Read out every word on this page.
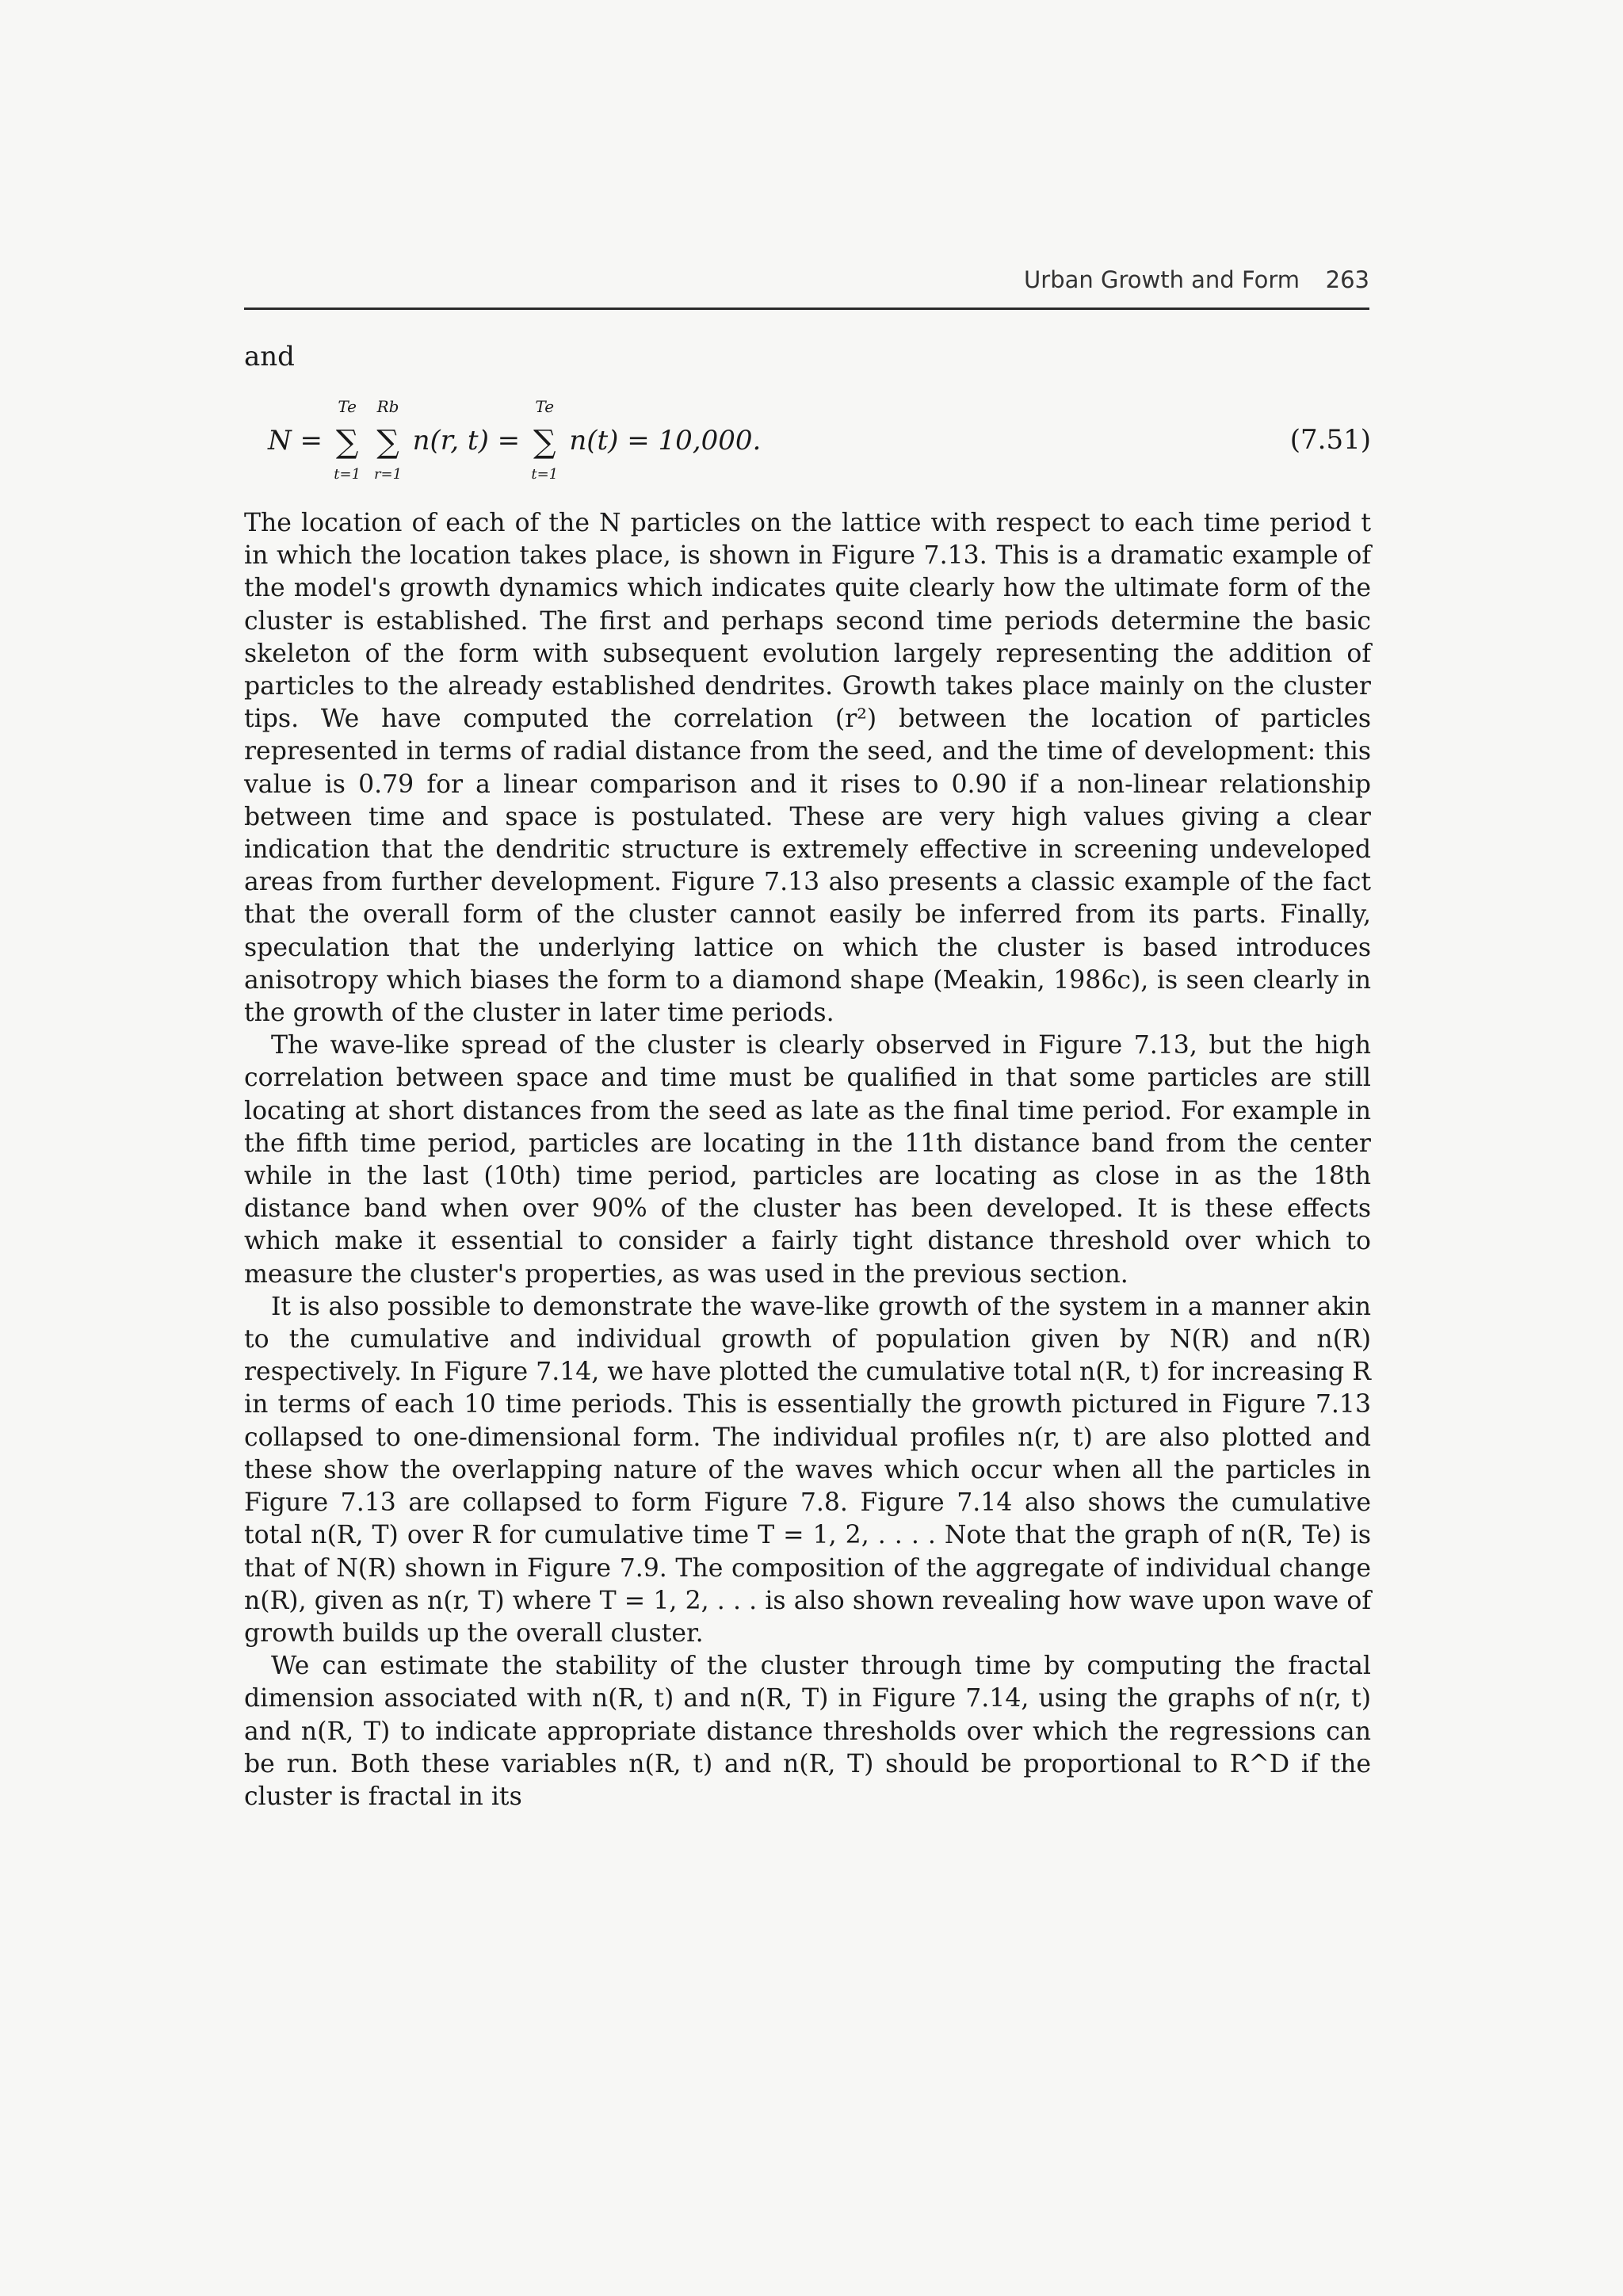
Urban Growth and Form 263
and
N = ∑
Te
t=1
∑
Rb
r=1
n(r, t) = ∑
Te
t=1
n(t) = 10,000.	(7.51)

The location of each of the N particles on the lattice with respect to each time period t in which the location takes place, is shown in Figure 7.13. This is a dramatic example of the model's growth dynamics which indicates quite clearly how the ultimate form of the cluster is established. The first and perhaps second time periods determine the basic skeleton of the form with subsequent evolution largely representing the addition of particles to the already established dendrites. Growth takes place mainly on the cluster tips. We have computed the correlation (r²) between the location of particles represented in terms of radial distance from the seed, and the time of development: this value is 0.79 for a linear comparison and it rises to 0.90 if a non-linear relationship between time and space is postulated. These are very high values giving a clear indication that the dendritic structure is extremely effective in screening undeveloped areas from further development. Figure 7.13 also presents a classic example of the fact that the overall form of the cluster cannot easily be inferred from its parts. Finally, speculation that the underlying lattice on which the cluster is based introduces anisotropy which biases the form to a diamond shape (Meakin, 1986c), is seen clearly in the growth of the cluster in later time periods.

The wave-like spread of the cluster is clearly observed in Figure 7.13, but the high correlation between space and time must be qualified in that some particles are still locating at short distances from the seed as late as the final time period. For example in the fifth time period, particles are locating in the 11th distance band from the center while in the last (10th) time period, particles are locating as close in as the 18th distance band when over 90% of the cluster has been developed. It is these effects which make it essential to consider a fairly tight distance threshold over which to measure the cluster's properties, as was used in the previous section.

It is also possible to demonstrate the wave-like growth of the system in a manner akin to the cumulative and individual growth of population given by N(R) and n(R) respectively. In Figure 7.14, we have plotted the cumulative total n(R, t) for increasing R in terms of each 10 time periods. This is essentially the growth pictured in Figure 7.13 collapsed to one-dimensional form. The individual profiles n(r, t) are also plotted and these show the overlapping nature of the waves which occur when all the particles in Figure 7.13 are collapsed to form Figure 7.8. Figure 7.14 also shows the cumulative total n(R, T) over R for cumulative time T = 1, 2, . . . . Note that the graph of n(R, Te) is that of N(R) shown in Figure 7.9. The composition of the aggregate of individual change n(R), given as n(r, T) where T = 1, 2, . . . is also shown revealing how wave upon wave of growth builds up the overall cluster.

We can estimate the stability of the cluster through time by computing the fractal dimension associated with n(R, t) and n(R, T) in Figure 7.14, using the graphs of n(r, t) and n(R, T) to indicate appropriate distance thresholds over which the regressions can be run. Both these variables n(R, t) and n(R, T) should be proportional to R^D if the cluster is fractal in its
